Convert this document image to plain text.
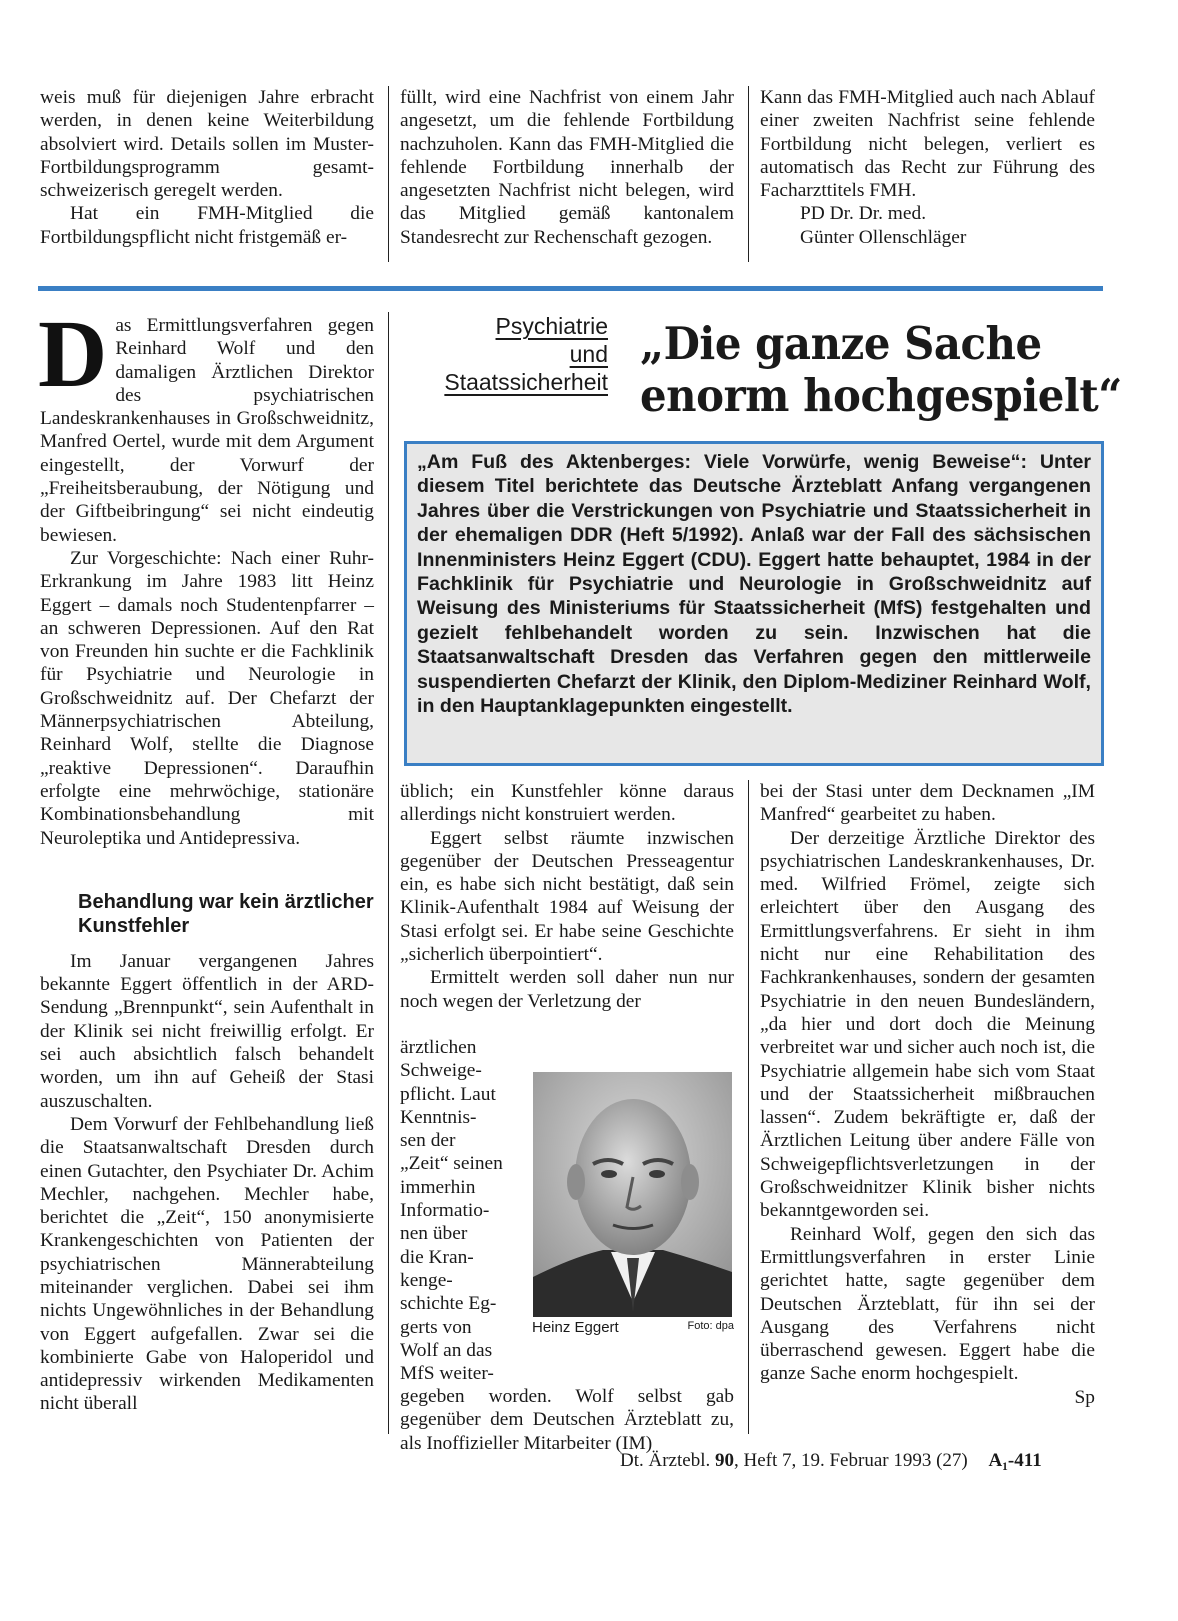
weis muß für diejenigen Jahre erbracht werden, in denen keine Weiterbildung absolviert wird. Details sollen im Muster-Fortbildungsprogramm gesamt-schweizerisch geregelt werden.

Hat ein FMH-Mitglied die Fortbildungspflicht nicht fristgemäß er-

füllt, wird eine Nachfrist von einem Jahr angesetzt, um die fehlende Fortbildung nachzuholen. Kann das FMH-Mitglied die fehlende Fortbildung innerhalb der angesetzten Nachfrist nicht belegen, wird das Mitglied gemäß kantonalem Standesrecht zur Rechenschaft gezogen.

Kann das FMH-Mitglied auch nach Ablauf einer zweiten Nachfrist seine fehlende Fortbildung nicht belegen, verliert es automatisch das Recht zur Führung des Facharzttitels FMH.

PD Dr. Dr. med.

Günter Ollenschläger

Das Ermittlungsverfahren gegen Reinhard Wolf und den damaligen Ärztlichen Direktor des psychiatrischen Landeskrankenhauses in Großschweidnitz, Manfred Oertel, wurde mit dem Argument eingestellt, der Vorwurf der „Freiheitsberaubung, der Nötigung und der Giftbeibringung“ sei nicht eindeutig bewiesen.

Zur Vorgeschichte: Nach einer Ruhr-Erkrankung im Jahre 1983 litt Heinz Eggert – damals noch Studentenpfarrer – an schweren Depressionen. Auf den Rat von Freunden hin suchte er die Fachklinik für Psychiatrie und Neurologie in Großschweidnitz auf. Der Chefarzt der Männerpsychiatrischen Abteilung, Reinhard Wolf, stellte die Diagnose „reaktive Depressionen“. Daraufhin erfolgte eine mehrwöchige, stationäre Kombinationsbehandlung mit Neuroleptika und Antidepressiva.

Behandlung war kein ärztlicher Kunstfehler

Im Januar vergangenen Jahres bekannte Eggert öffentlich in der ARD-Sendung „Brennpunkt“, sein Aufenthalt in der Klinik sei nicht freiwillig erfolgt. Er sei auch absichtlich falsch behandelt worden, um ihn auf Geheiß der Stasi auszuschalten.

Dem Vorwurf der Fehlbehandlung ließ die Staatsanwaltschaft Dresden durch einen Gutachter, den Psychiater Dr. Achim Mechler, nachgehen. Mechler habe, berichtet die „Zeit“, 150 anonymisierte Krankengeschichten von Patienten der psychiatrischen Männerabteilung miteinander verglichen. Dabei sei ihm nichts Ungewöhnliches in der Behandlung von Eggert aufgefallen. Zwar sei die kombinierte Gabe von Haloperidol und antidepressiv wirkenden Medikamenten nicht überall

Psychiatrie
und
Staatssicherheit
„Die ganze Sache
enorm hochgespielt“
„Am Fuß des Aktenberges: Viele Vorwürfe, wenig Beweise“: Unter diesem Titel berichtete das Deutsche Ärzteblatt Anfang vergangenen Jahres über die Verstrickungen von Psychiatrie und Staatssicherheit in der ehemaligen DDR (Heft 5/1992). Anlaß war der Fall des sächsischen Innenministers Heinz Eggert (CDU). Eggert hatte behauptet, 1984 in der Fachklinik für Psychiatrie und Neurologie in Großschweidnitz auf Weisung des Ministeriums für Staatssicherheit (MfS) festgehalten und gezielt fehlbehandelt worden zu sein. Inzwischen hat die Staatsanwaltschaft Dresden das Verfahren gegen den mittlerweile suspendierten Chefarzt der Klinik, den Diplom-Mediziner Reinhard Wolf, in den Hauptanklagepunkten eingestellt.

üblich; ein Kunstfehler könne daraus allerdings nicht konstruiert werden.

Eggert selbst räumte inzwischen gegenüber der Deutschen Presseagentur ein, es habe sich nicht bestätigt, daß sein Klinik-Aufenthalt 1984 auf Weisung der Stasi erfolgt sei. Er habe seine Geschichte „sicherlich überpointiert“.

Ermittelt werden soll daher nun nur noch wegen der Verletzung der

ärztlichen
Schweige-
pflicht. Laut
Kenntnis-
sen der
„Zeit“ seinen
immerhin
Informatio-
nen über
die Kran-
kenge-
schichte Eg-
gerts von
Wolf an das
MfS weiter-

gegeben worden. Wolf selbst gab gegenüber dem Deutschen Ärzteblatt zu, als Inoffizieller Mitarbeiter (IM)

Heinz Eggert	Foto: dpa

bei der Stasi unter dem Decknamen „IM Manfred“ gearbeitet zu haben.

Der derzeitige Ärztliche Direktor des psychiatrischen Landeskrankenhauses, Dr. med. Wilfried Frömel, zeigte sich erleichtert über den Ausgang des Ermittlungsverfahrens. Er sieht in ihm nicht nur eine Rehabilitation des Fachkrankenhauses, sondern der gesamten Psychiatrie in den neuen Bundesländern, „da hier und dort doch die Meinung verbreitet war und sicher auch noch ist, die Psychiatrie allgemein habe sich vom Staat und der Staatssicherheit mißbrauchen lassen“. Zudem bekräftigte er, daß der Ärztlichen Leitung über andere Fälle von Schweigepflichtsverletzungen in der Großschweidnitzer Klinik bisher nichts bekanntgeworden sei.

Reinhard Wolf, gegen den sich das Ermittlungsverfahren in erster Linie gerichtet hatte, sagte gegenüber dem Deutschen Ärzteblatt, für ihn sei der Ausgang des Verfahrens nicht überraschend gewesen. Eggert habe die ganze Sache enorm hochgespielt.

Sp

Dt. Ärztebl. 90, Heft 7, 19. Februar 1993 (27) A₁-411
